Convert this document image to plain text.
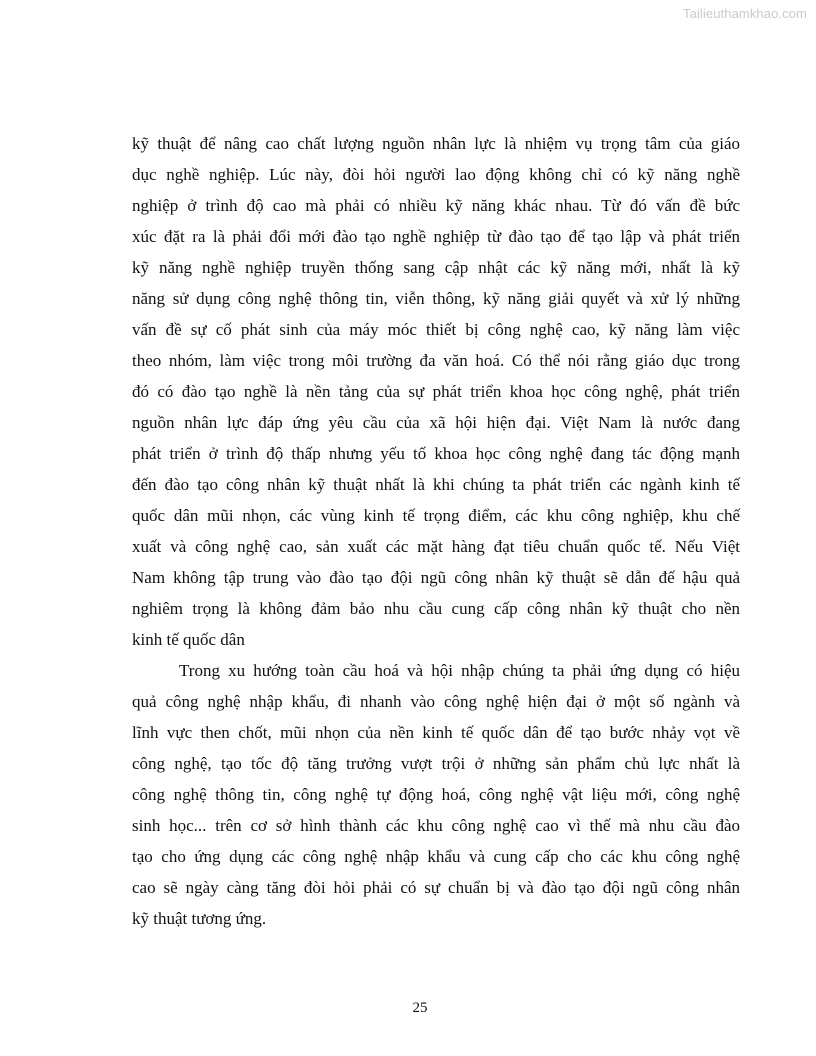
Tailieuthamkhao.com
kỹ thuật để nâng cao chất lượng nguồn nhân lực là nhiệm vụ trọng tâm của giáo
dục nghề nghiệp. Lúc này, đòi hỏi người lao động không chỉ có kỹ năng nghề
nghiệp ở trình độ cao mà phải có nhiều kỹ năng khác nhau. Từ đó vấn đề bức
xúc đặt ra là phải đổi mới đào tạo nghề nghiệp từ đào tạo để tạo lập và phát triển
kỹ năng nghề nghiệp truyền thống sang cập nhật các kỹ năng mới, nhất là kỹ
năng sử dụng công nghệ thông tin, viễn thông, kỹ năng giải quyết và xử lý những
vấn đề sự cố phát sinh của máy móc thiết bị công nghệ cao, kỹ năng làm việc
theo nhóm, làm việc trong môi trường đa văn hoá. Có thể nói rằng giáo dục trong
đó có đào tạo nghề là nền tảng của sự phát triển khoa học công nghệ, phát triển
nguồn nhân lực đáp ứng yêu cầu của xã hội hiện đại. Việt Nam là nước đang
phát triển ở trình độ thấp nhưng yếu tố khoa học công nghệ đang tác động mạnh
đến đào tạo công nhân kỹ thuật nhất là khi chúng ta phát triển các ngành kinh tế
quốc dân mũi nhọn, các vùng kinh tế trọng điểm, các khu công nghiệp, khu chế
xuất và công nghệ cao, sản xuất các mặt hàng đạt tiêu chuẩn quốc tế. Nếu Việt
Nam không tập trung vào đào tạo đội ngũ công nhân kỹ thuật sẽ dẫn đế hậu quả
nghiêm trọng là không đảm bảo nhu cầu cung cấp công nhân kỹ thuật cho nền
kinh tế quốc dân
Trong xu hướng toàn cầu hoá và hội nhập chúng ta phải ứng dụng có hiệu
quả công nghệ nhập khẩu, đi nhanh vào công nghệ hiện đại ở một số ngành và
lĩnh vực then chốt, mũi nhọn của nền kinh tế quốc dân để tạo bước nhảy vọt về
công nghệ, tạo tốc độ tăng trưởng vượt trội ở những sản phẩm chủ lực nhất là
công nghệ thông tin, công nghệ tự động hoá, công nghệ vật liệu mới, công nghệ
sinh học... trên cơ sở hình thành các khu công nghệ cao vì thế mà nhu cầu đào
tạo cho ứng dụng các công nghệ nhập khẩu và cung cấp cho các khu công nghệ
cao sẽ ngày càng tăng đòi hỏi phải có sự chuẩn bị và đào tạo đội ngũ công nhân
kỹ thuật tương ứng.
25
